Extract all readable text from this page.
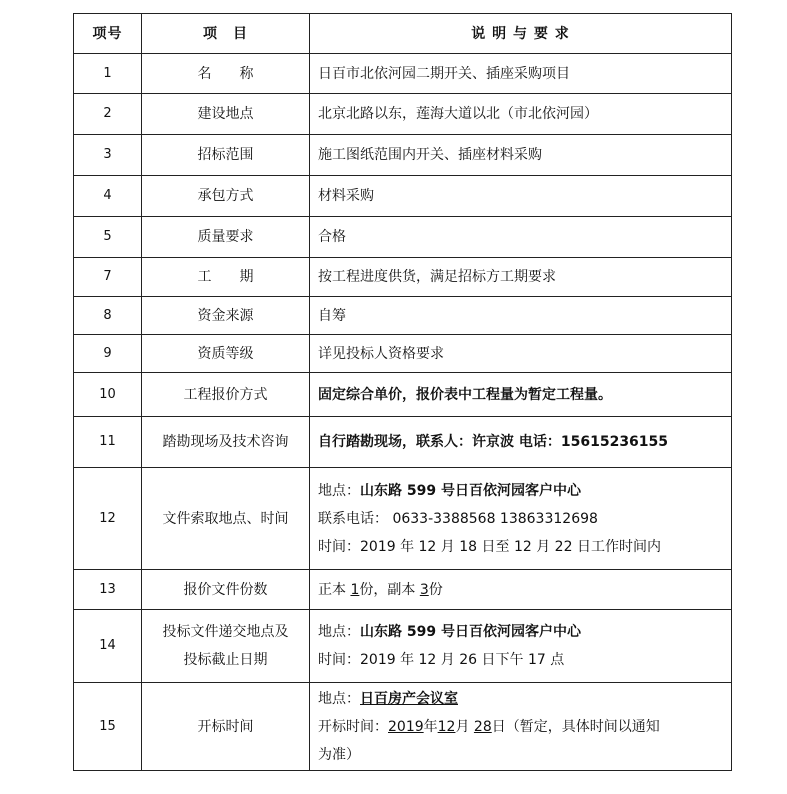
项号	项　目	说 明 与 要 求
1	名　　称	日百市北依河园二期开关、插座采购项目
2	建设地点	北京北路以东，莲海大道以北（市北依河园）
3	招标范围	施工图纸范围内开关、插座材料采购
4	承包方式	材料采购
5	质量要求	合格
7	工　　期	按工程进度供货，满足招标方工期要求
8	资金来源	自筹
9	资质等级	详见投标人资格要求
10	工程报价方式	固定综合单价，报价表中工程量为暂定工程量。
11	踏勘现场及技术咨询	自行踏勘现场，联系人：许京波 电话：15615236155
12	文件索取地点、时间	地点：山东路 599 号日百依河园客户中心
联系电话： 0633-3388568 13863312698
时间：2019 年 12 月 18 日至 12 月 22 日工作时间内

13	报价文件份数	正本 1份，副本 3份
14	投标文件递交地点及
投标截止日期	地点：山东路 599 号日百依河园客户中心
时间：2019 年 12 月 26 日下午 17 点

15	开标时间	地点：日百房产会议室
开标时间：2019年12月 28日（暂定，具体时间以通知
为准）
